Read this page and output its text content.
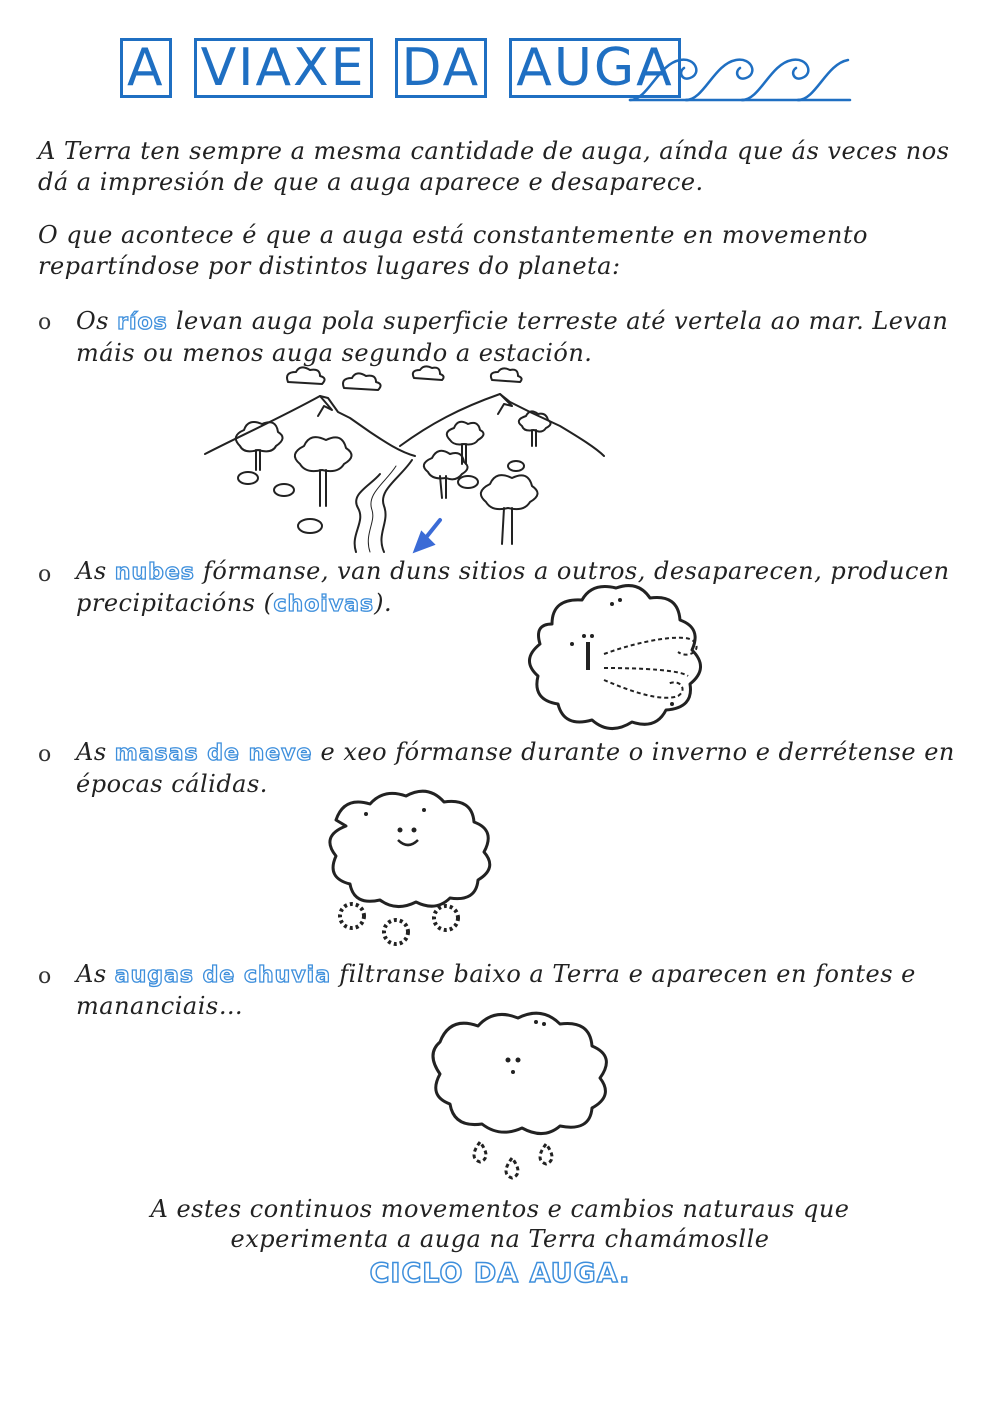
A VIAXE DA AUGA

A Terra ten sempre a mesma cantidade de auga, aínda que ás veces nos dá a impresión de que a auga aparece e desaparece.

O que acontece é que a auga está constantemente en movemento repartíndose por distintos lugares do planeta:

o Os ríos levan auga pola superficie terreste até vertela ao mar. Levan máis ou menos auga segundo a estación.

o As nubes fórmanse, van duns sitios a outros, desaparecen, producen precipitacións (choivas).

o As masas de neve e xeo fórmanse durante o inverno e derrétense en épocas cálidas.

o As augas de chuvia filtranse baixo a Terra e aparecen en fontes e mananciais…

A estes continuos movementos e cambios naturaus que

experimenta a auga na Terra chamámoslle

CICLO DA AUGA.
